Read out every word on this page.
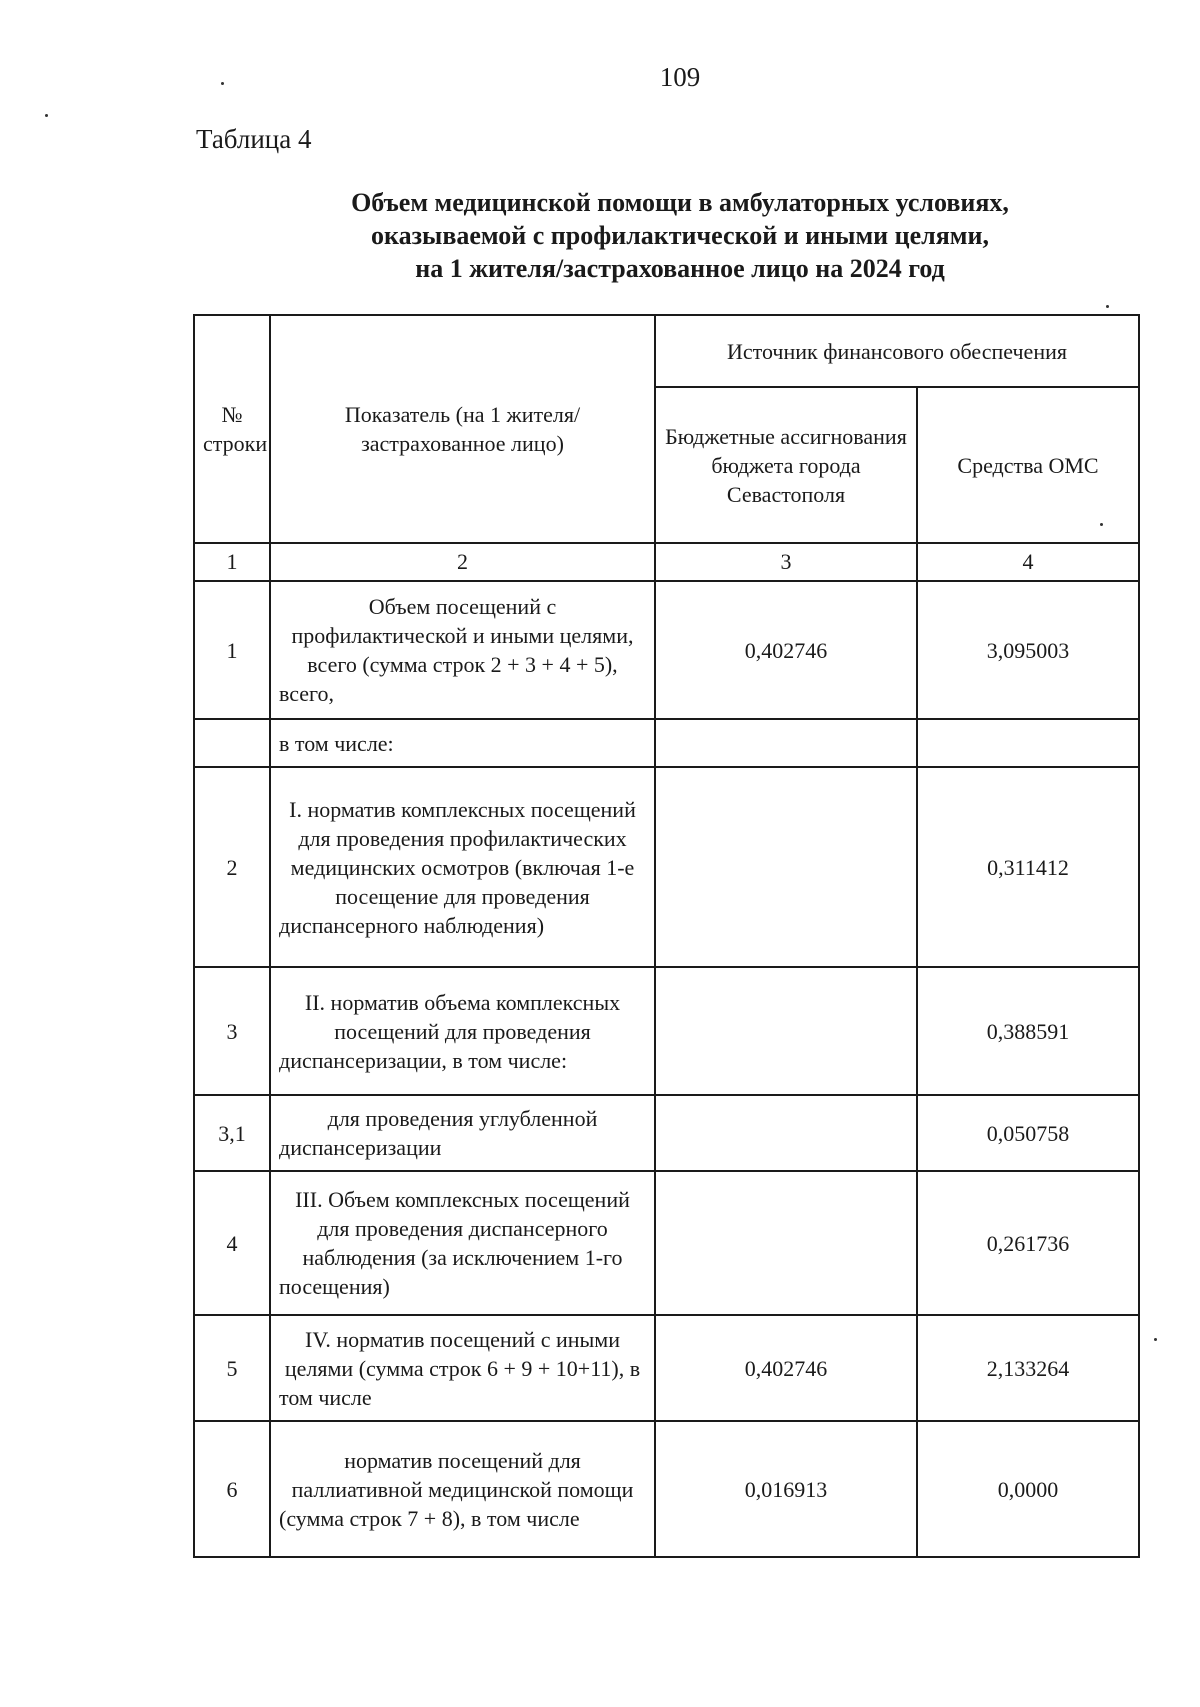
109
Таблица 4
Объем медицинской помощи в амбулаторных условиях,
оказываемой с профилактической и иными целями,
на 1 жителя/застрахованное лицо на 2024 год
№ строки	Показатель (на 1 жителя/застрахованное лицо)	Источник финансового обеспечения	
		Бюджетные ассигнования бюджета города Севастополя	Средства ОМС
1	2	3	4
1	Объем посещений с профилактической и иными целями, всего (сумма строк 2 + 3 + 4 + 5), всего,	0,402746	3,095003
	в том числе:		
2	I. норматив комплексных посещений для проведения профилактических медицинских осмотров (включая 1-е посещение для проведения диспансерного наблюдения)		0,311412
3	II. норматив объема комплексных посещений для проведения диспансеризации, в том числе:		0,388591
3,1	для проведения углубленной диспансеризации		0,050758
4	III. Объем комплексных посещений для проведения диспансерного наблюдения (за исключением 1-го посещения)		0,261736
5	IV. норматив посещений с иными целями (сумма строк 6 + 9 + 10+11), в том числе	0,402746	2,133264
6	норматив посещений для паллиативной медицинской помощи (сумма строк 7 + 8), в том числе	0,016913	0,0000
